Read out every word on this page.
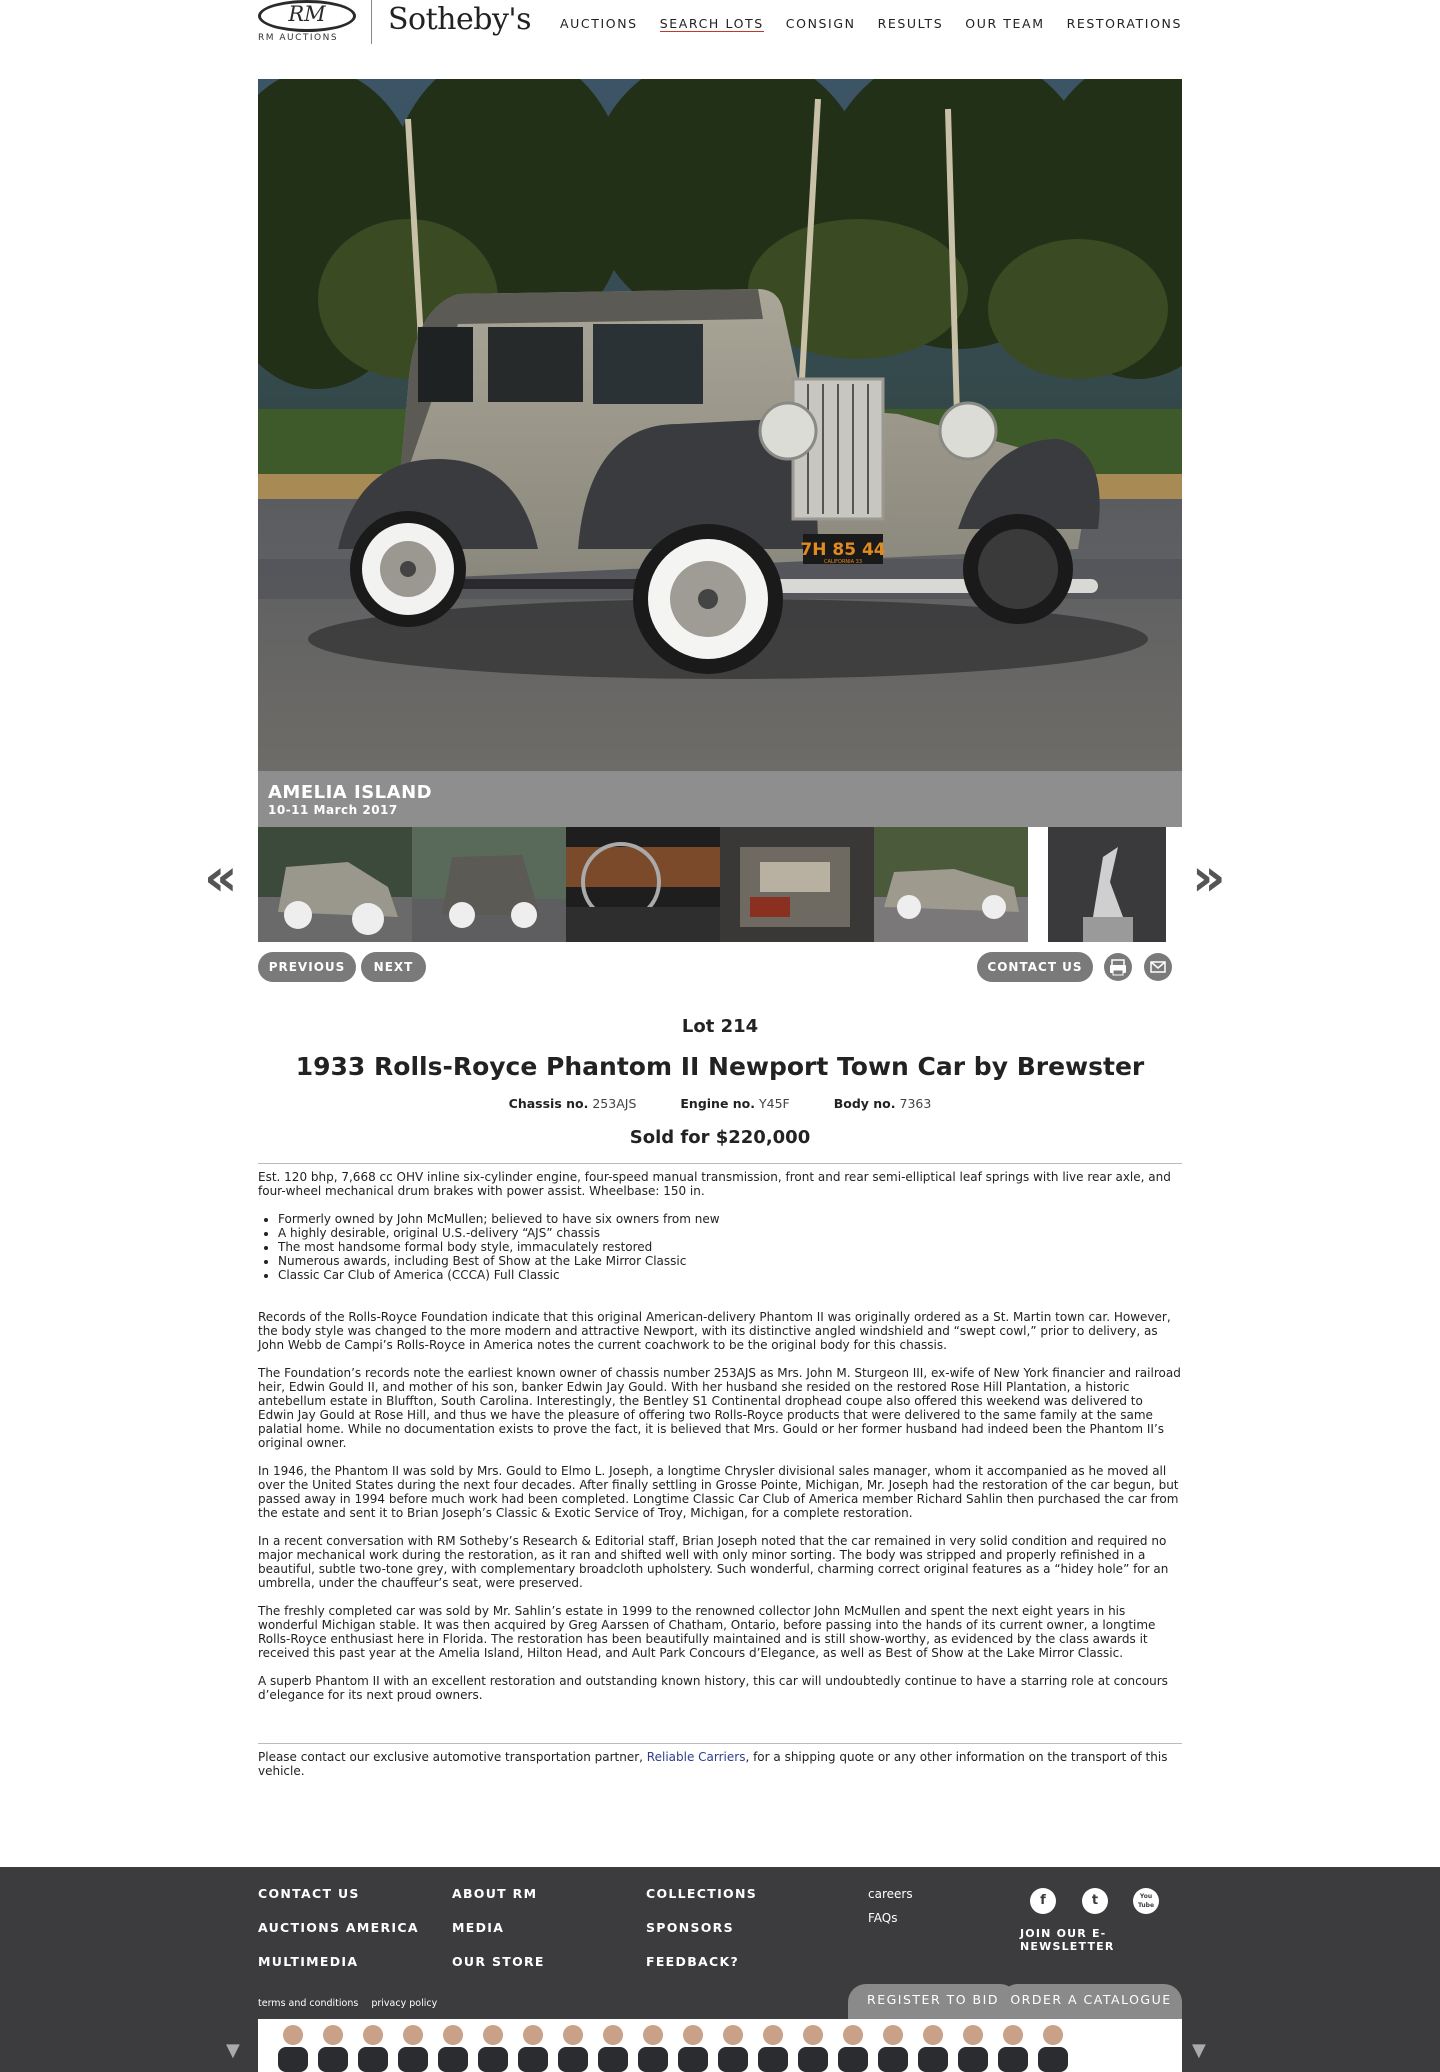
RM
RM AUCTIONS
Sotheby's AUCTIONS SEARCH LOTS CONSIGN RESULTS OUR TEAM RESTORATIONS
7H 85 44
CALIFORNIA 33
AMELIA ISLAND
10-11 March 2017
«	»
PREVIOUS	NEXT	CONTACT US
Lot 214
1933 Rolls-Royce Phantom II Newport Town Car by Brewster
Chassis no. 253AJS	Engine no. Y45F	Body no. 7363
Sold for $220,000

Est. 120 bhp, 7,668 cc OHV inline six-cylinder engine, four-speed manual transmission, front and rear semi-elliptical leaf springs with live rear axle, and four-wheel mechanical drum brakes with power assist. Wheelbase: 150 in.

• Formerly owned by John McMullen; believed to have six owners from new
• A highly desirable, original U.S.-delivery “AJS” chassis
• The most handsome formal body style, immaculately restored
• Numerous awards, including Best of Show at the Lake Mirror Classic
• Classic Car Club of America (CCCA) Full Classic

Records of the Rolls-Royce Foundation indicate that this original American-delivery Phantom II was originally ordered as a St. Martin town car. However, the body style was changed to the more modern and attractive Newport, with its distinctive angled windshield and “swept cowl,” prior to delivery, as John Webb de Campi’s Rolls-Royce in America notes the current coachwork to be the original body for this chassis.

The Foundation’s records note the earliest known owner of chassis number 253AJS as Mrs. John M. Sturgeon III, ex-wife of New York financier and railroad heir, Edwin Gould II, and mother of his son, banker Edwin Jay Gould. With her husband she resided on the restored Rose Hill Plantation, a historic antebellum estate in Bluffton, South Carolina. Interestingly, the Bentley S1 Continental drophead coupe also offered this weekend was delivered to Edwin Jay Gould at Rose Hill, and thus we have the pleasure of offering two Rolls-Royce products that were delivered to the same family at the same palatial home. While no documentation exists to prove the fact, it is believed that Mrs. Gould or her former husband had indeed been the Phantom II’s original owner.

In 1946, the Phantom II was sold by Mrs. Gould to Elmo L. Joseph, a longtime Chrysler divisional sales manager, whom it accompanied as he moved all over the United States during the next four decades. After finally settling in Grosse Pointe, Michigan, Mr. Joseph had the restoration of the car begun, but passed away in 1994 before much work had been completed. Longtime Classic Car Club of America member Richard Sahlin then purchased the car from the estate and sent it to Brian Joseph’s Classic & Exotic Service of Troy, Michigan, for a complete restoration.

In a recent conversation with RM Sotheby’s Research & Editorial staff, Brian Joseph noted that the car remained in very solid condition and required no major mechanical work during the restoration, as it ran and shifted well with only minor sorting. The body was stripped and properly refinished in a beautiful, subtle two-tone grey, with complementary broadcloth upholstery. Such wonderful, charming correct original features as a “hidey hole” for an umbrella, under the chauffeur’s seat, were preserved.

The freshly completed car was sold by Mr. Sahlin’s estate in 1999 to the renowned collector John McMullen and spent the next eight years in his wonderful Michigan stable. It was then acquired by Greg Aarssen of Chatham, Ontario, before passing into the hands of its current owner, a longtime Rolls-Royce enthusiast here in Florida. The restoration has been beautifully maintained and is still show-worthy, as evidenced by the class awards it received this past year at the Amelia Island, Hilton Head, and Ault Park Concours d’Elegance, as well as Best of Show at the Lake Mirror Classic.

A superb Phantom II with an excellent restoration and outstanding known history, this car will undoubtedly continue to have a starring role at concours d’elegance for its next proud owners.

Please contact our exclusive automotive transportation partner, Reliable Carriers, for a shipping quote or any other information on the transport of this vehicle.
CONTACT US
AUCTIONS AMERICA
MULTIMEDIA
ABOUT RM
MEDIA
OUR STORE
COLLECTIONS
SPONSORS
FEEDBACK?
careers
FAQs
f	t	You Tube
JOIN OUR E-
NEWSLETTER
terms and conditions privacy policy	REGISTER TO BID ORDER A CATALOGUE
▼	▼
